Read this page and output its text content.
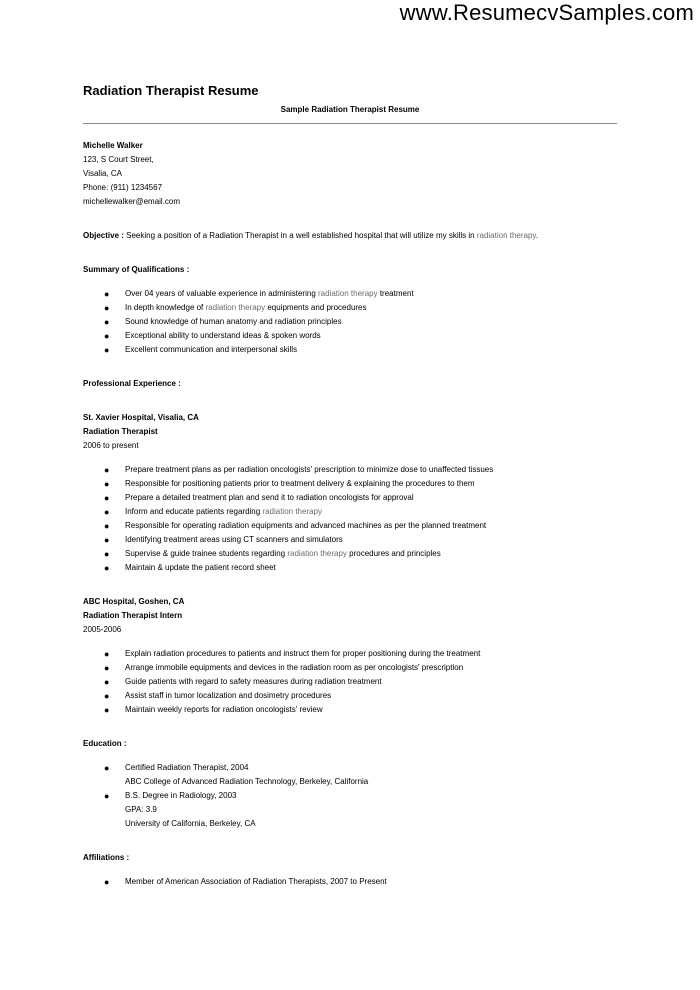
www.ResumecvSamples.com
Radiation Therapist Resume
Sample Radiation Therapist Resume
Michelle Walker
123, S Court Street,
Visalia, CA
Phone: (911) 1234567
michellewalker@email.com
Objective : Seeking a position of a Radiation Therapist in a well established hospital that will utilize my skills in radiation therapy.
Summary of Qualifications :
● Over 04 years of valuable experience in administering radiation therapy treatment
● In depth knowledge of radiation therapy equipments and procedures
● Sound knowledge of human anatomy and radiation principles
● Exceptional ability to understand ideas & spoken words
● Excellent communication and interpersonal skills
Professional Experience :
St. Xavier Hospital, Visalia, CA
Radiation Therapist
2006 to present
● Prepare treatment plans as per radiation oncologists' prescription to minimize dose to unaffected tissues
● Responsible for positioning patients prior to treatment delivery & explaining the procedures to them
● Prepare a detailed treatment plan and send it to radiation oncologists for approval
● Inform and educate patients regarding radiation therapy
● Responsible for operating radiation equipments and advanced machines as per the planned treatment
● Identifying treatment areas using CT scanners and simulators
● Supervise & guide trainee students regarding radiation therapy procedures and principles
● Maintain & update the patient record sheet
ABC Hospital, Goshen, CA
Radiation Therapist Intern
2005-2006
● Explain radiation procedures to patients and instruct them for proper positioning during the treatment
● Arrange immobile equipments and devices in the radiation room as per oncologists' prescription
● Guide patients with regard to safety measures during radiation treatment
● Assist staff in tumor localization and dosimetry procedures
● Maintain weekly reports for radiation oncologists' review
Education :
● Certified Radiation Therapist, 2004
ABC College of Advanced Radiation Technology, Berkeley, California
● B.S. Degree in Radiology, 2003
GPA: 3.9
University of California, Berkeley, CA
Affiliations :
● Member of American Association of Radiation Therapists, 2007 to Present
